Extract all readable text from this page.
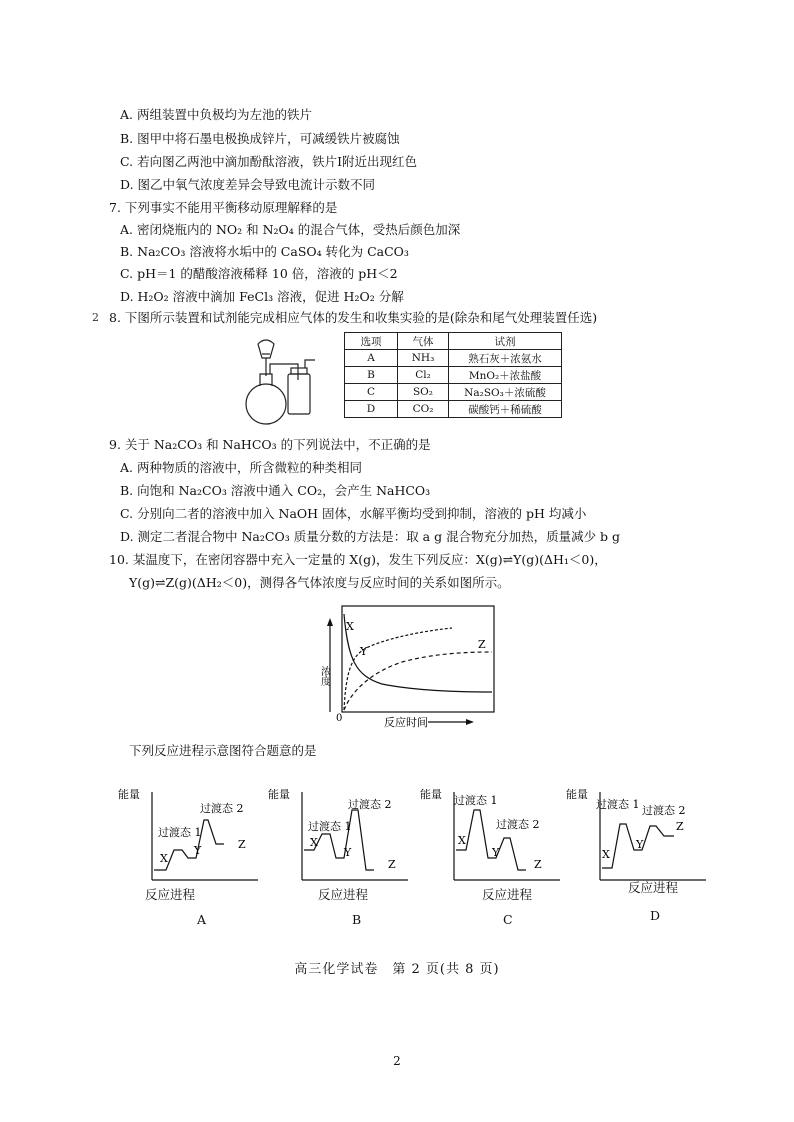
A. 两组装置中负极均为左池的铁片
B. 图甲中将石墨电极换成锌片，可减缓铁片被腐蚀
C. 若向图乙两池中滴加酚酞溶液，铁片Ⅰ附近出现红色
D. 图乙中氧气浓度差异会导致电流计示数不同
7. 下列事实不能用平衡移动原理解释的是
A. 密闭烧瓶内的 NO₂ 和 N₂O₄ 的混合气体，受热后颜色加深
B. Na₂CO₃ 溶液将水垢中的 CaSO₄ 转化为 CaCO₃
C. pH＝1 的醋酸溶液稀释 10 倍，溶液的 pH＜2
D. H₂O₂ 溶液中滴加 FeCl₃ 溶液，促进 H₂O₂ 分解
2 8. 下图所示装置和试剂能完成相应气体的发生和收集实验的是(除杂和尾气处理装置任选)
选项	气体	试剂
A	NH₃	熟石灰＋浓氨水
B	Cl₂	MnO₂＋浓盐酸
C	SO₂	Na₂SO₃＋浓硫酸
D	CO₂	碳酸钙＋稀硫酸
9. 关于 Na₂CO₃ 和 NaHCO₃ 的下列说法中，不正确的是
A. 两种物质的溶液中，所含微粒的种类相同
B. 向饱和 Na₂CO₃ 溶液中通入 CO₂，会产生 NaHCO₃
C. 分别向二者的溶液中加入 NaOH 固体，水解平衡均受到抑制，溶液的 pH 均减小
D. 测定二者混合物中 Na₂CO₃ 质量分数的方法是：取 a g 混合物充分加热，质量减少 b g
10. 某温度下，在密闭容器中充入一定量的 X(g)，发生下列反应：X(g)⇌Y(g)(ΔH₁＜0)，
Y(g)⇌Z(g)(ΔH₂＜0)，测得各气体浓度与反应时间的关系如图所示。
X
Y
Z
0	反应时间
浓度
下列反应进程示意图符合题意的是
能量
过渡态 1
过渡态 2
X
Y	Z
反应进程
A
能量
过渡态 1
过渡态 2
X
Y
Z
反应进程
B
能量 过渡态 1
过渡态 2
X
Y
Z
反应进程
C
能量
过渡态 1 过渡态 2
X
Y
Z
反应进程
D
高三化学试卷　第 2 页(共 8 页)
2
